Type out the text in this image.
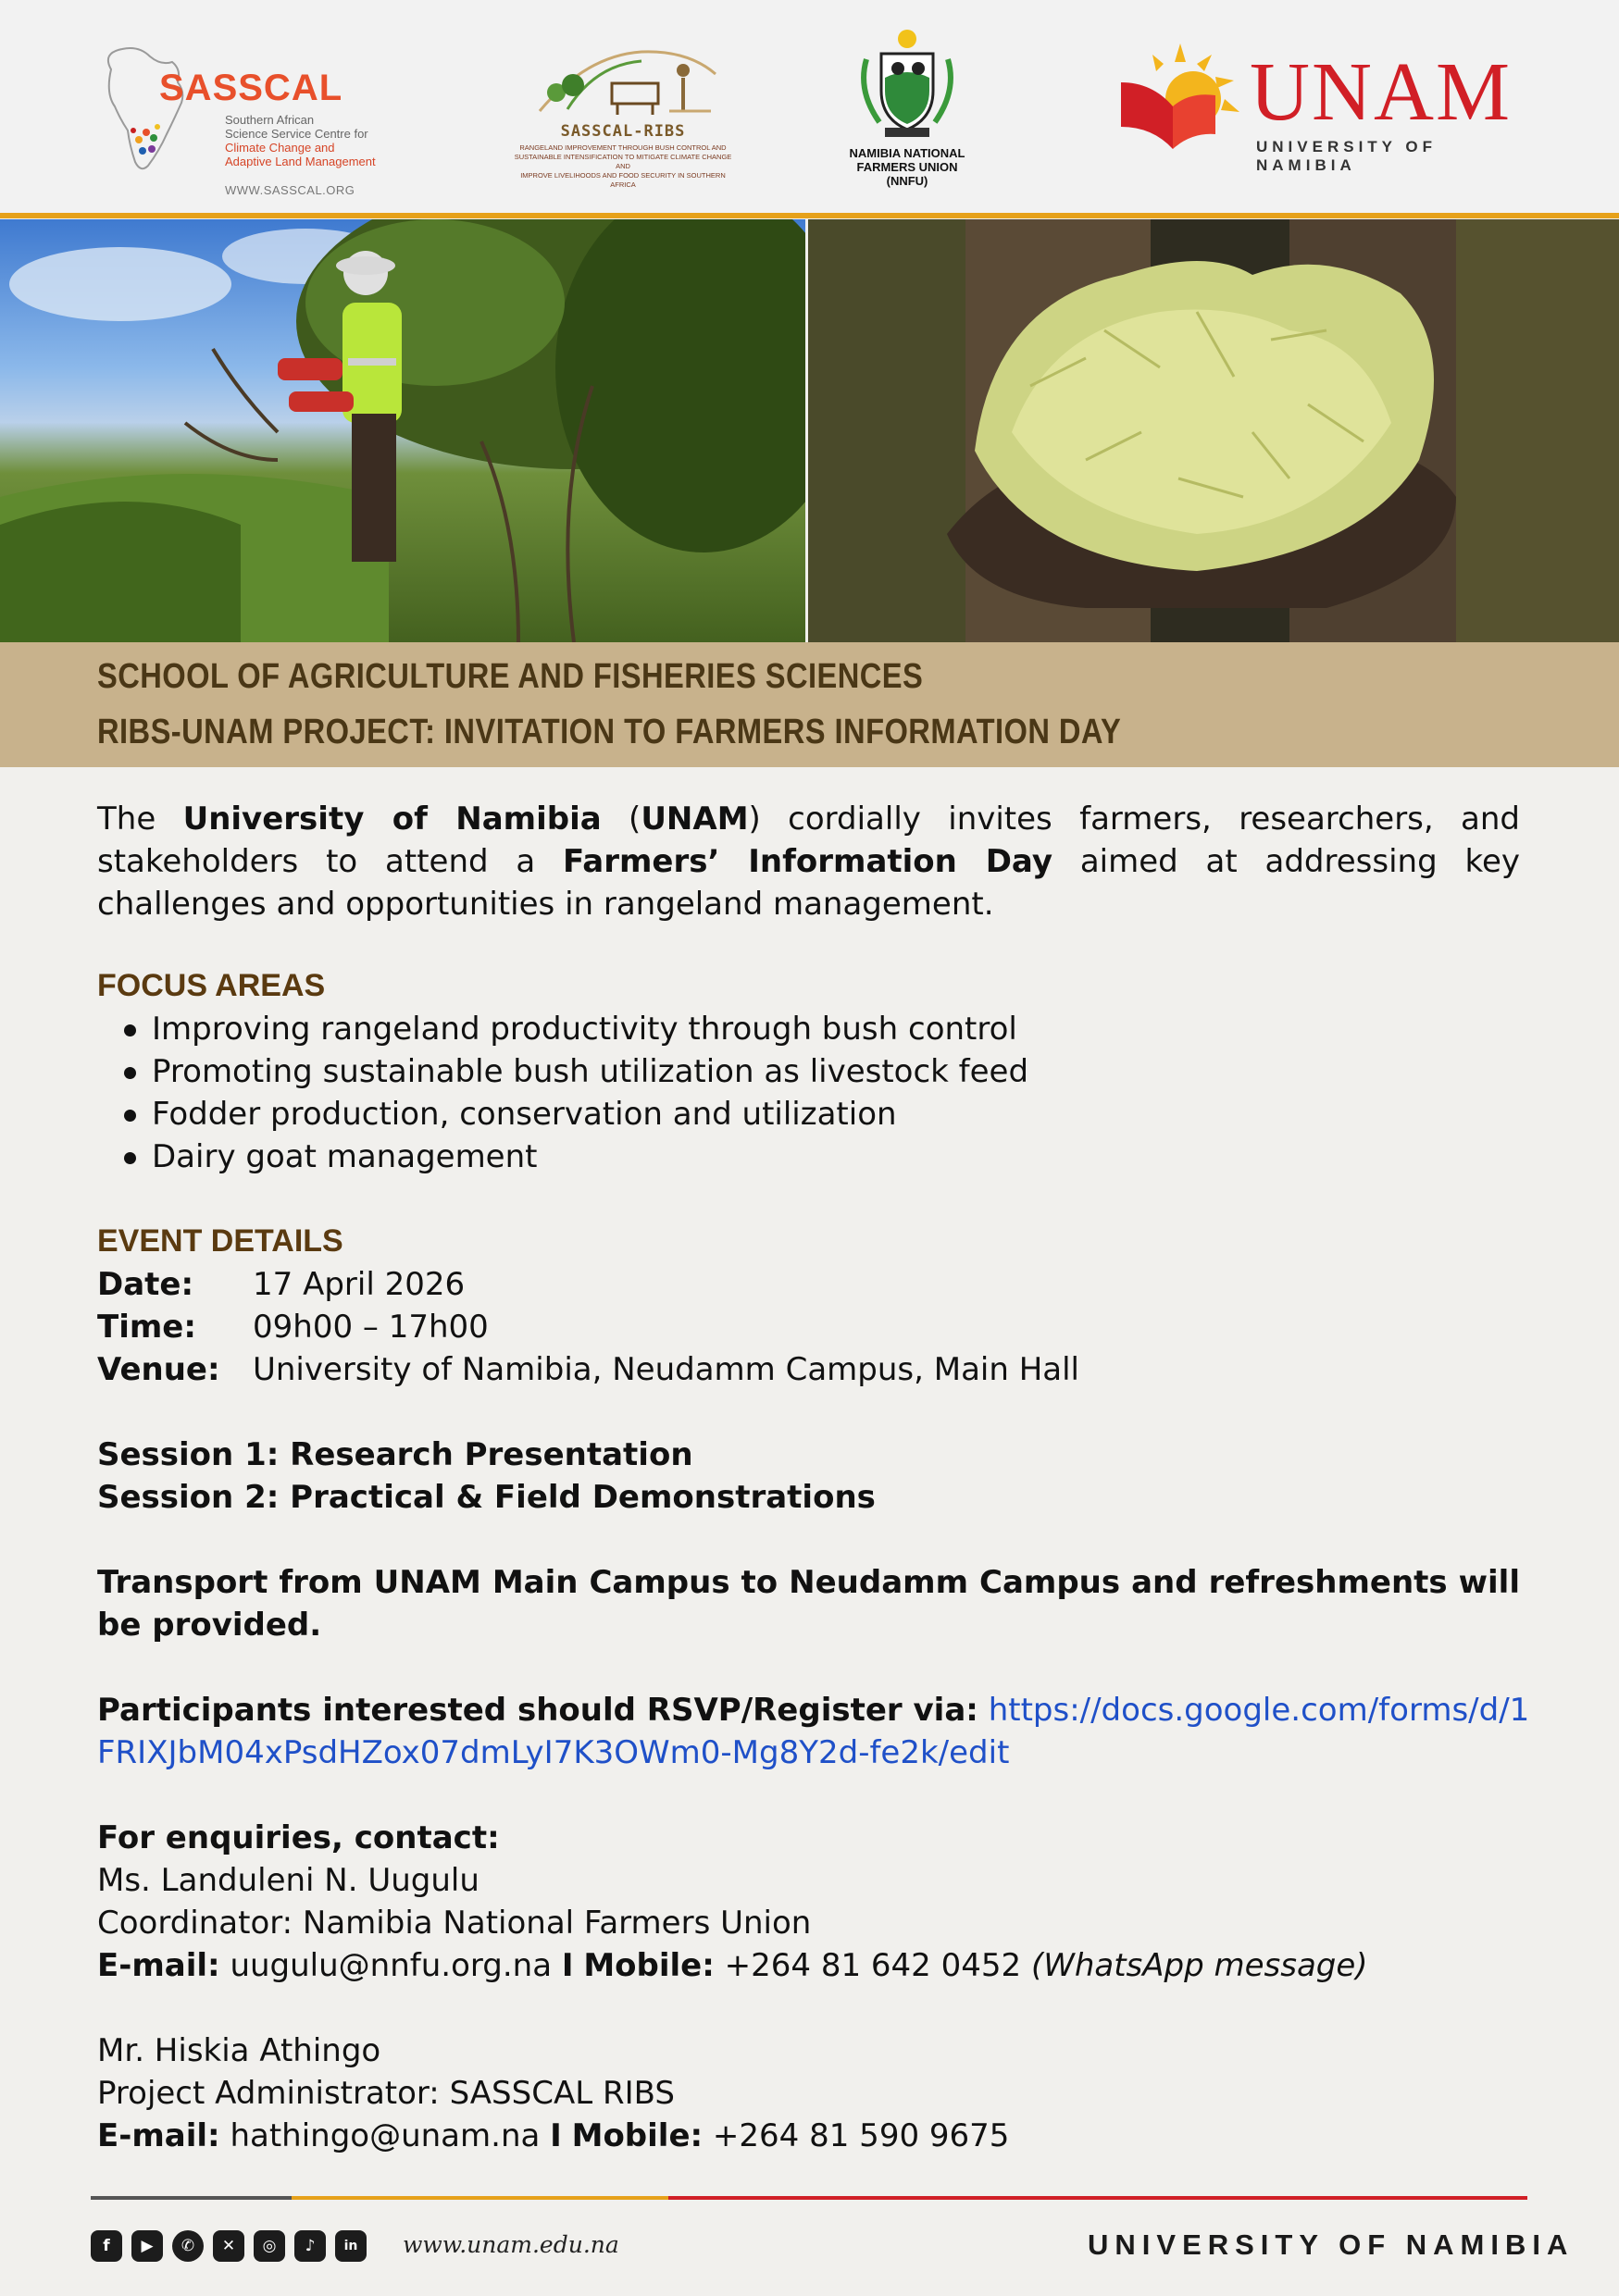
SASSCAL
Southern African
Science Service Centre for
Climate Change and
Adaptive Land Management
WWW.SASSCAL.ORG
SASSCAL-RIBS
RANGELAND IMPROVEMENT THROUGH BUSH CONTROL AND
SUSTAINABLE INTENSIFICATION TO MITIGATE CLIMATE CHANGE AND
IMPROVE LIVELIHOODS AND FOOD SECURITY IN SOUTHERN AFRICA
NAMIBIA NATIONAL
FARMERS UNION
(NNFU)
UNAM
UNIVERSITY OF NAMIBIA
SCHOOL OF AGRICULTURE AND FISHERIES SCIENCES
RIBS-UNAM PROJECT: INVITATION TO FARMERS INFORMATION DAY
The University of Namibia (UNAM) cordially invites farmers, researchers, and stakeholders to attend a Farmers’ Information Day aimed at addressing key challenges and opportunities in rangeland management.
FOCUS AREAS
Improving rangeland productivity through bush control
Promoting sustainable bush utilization as livestock feed
Fodder production, conservation and utilization
Dairy goat management
EVENT DETAILS
Date: 17 April 2026
Time: 09h00 – 17h00
Venue: University of Namibia, Neudamm Campus, Main Hall
Session 1: Research Presentation
Session 2: Practical & Field Demonstrations
Transport from UNAM Main Campus to Neudamm Campus and refreshments will be provided.
Participants interested should RSVP/Register via: https://docs.google.com/forms/d/1
FRIXJbM04xPsdHZox07dmLyI7K3OWm0-Mg8Y2d-fe2k/edit
For enquiries, contact:
Ms. Landuleni N. Uugulu
Coordinator: Namibia National Farmers Union
E-mail: uugulu@nnfu.org.na I Mobile: +264 81 642 0452 (WhatsApp message)
Mr. Hiskia Athingo
Project Administrator: SASSCAL RIBS
E-mail: hathingo@unam.na I Mobile: +264 81 590 9675
f	▶	✆	✕	◎	♪	in	www.unam.edu.na	UNIVERSITY OF NAMIBIA
